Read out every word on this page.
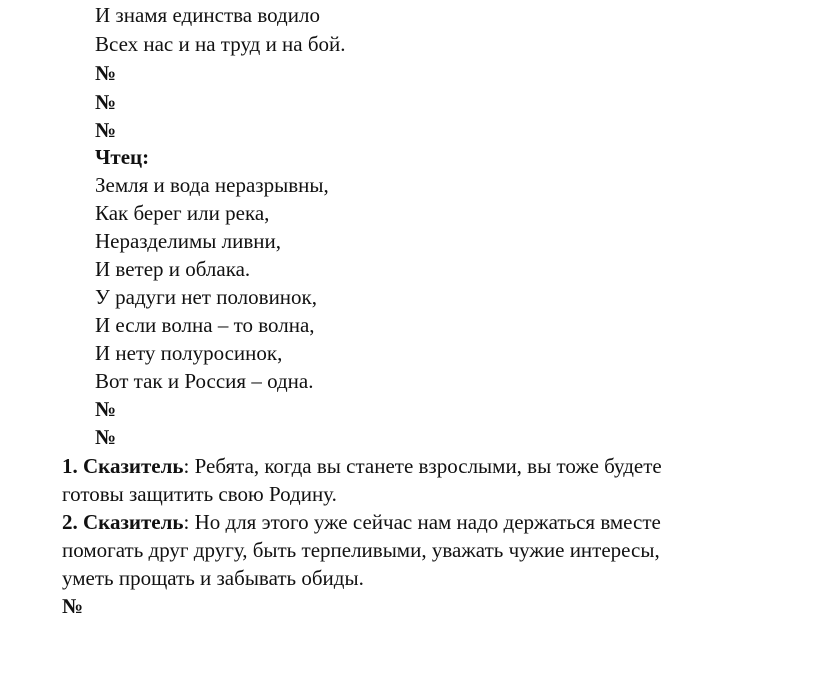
И знамя единства водило
Всех нас и на труд и на бой.
№
№
№
Чтец:
Земля и вода неразрывны,
Как берег или река,
Неразделимы ливни,
И ветер и облака.
У радуги нет половинок,
И если волна – то волна,
И нету полуросинок,
Вот так и Россия – одна.
№
№
1. Сказитель: Ребята, когда вы станете взрослыми, вы тоже будете
готовы защитить свою Родину.
2. Сказитель: Но для этого уже сейчас нам надо держаться вместе
помогать друг другу, быть терпеливыми, уважать чужие интересы,
уметь прощать и забывать обиды.
№
